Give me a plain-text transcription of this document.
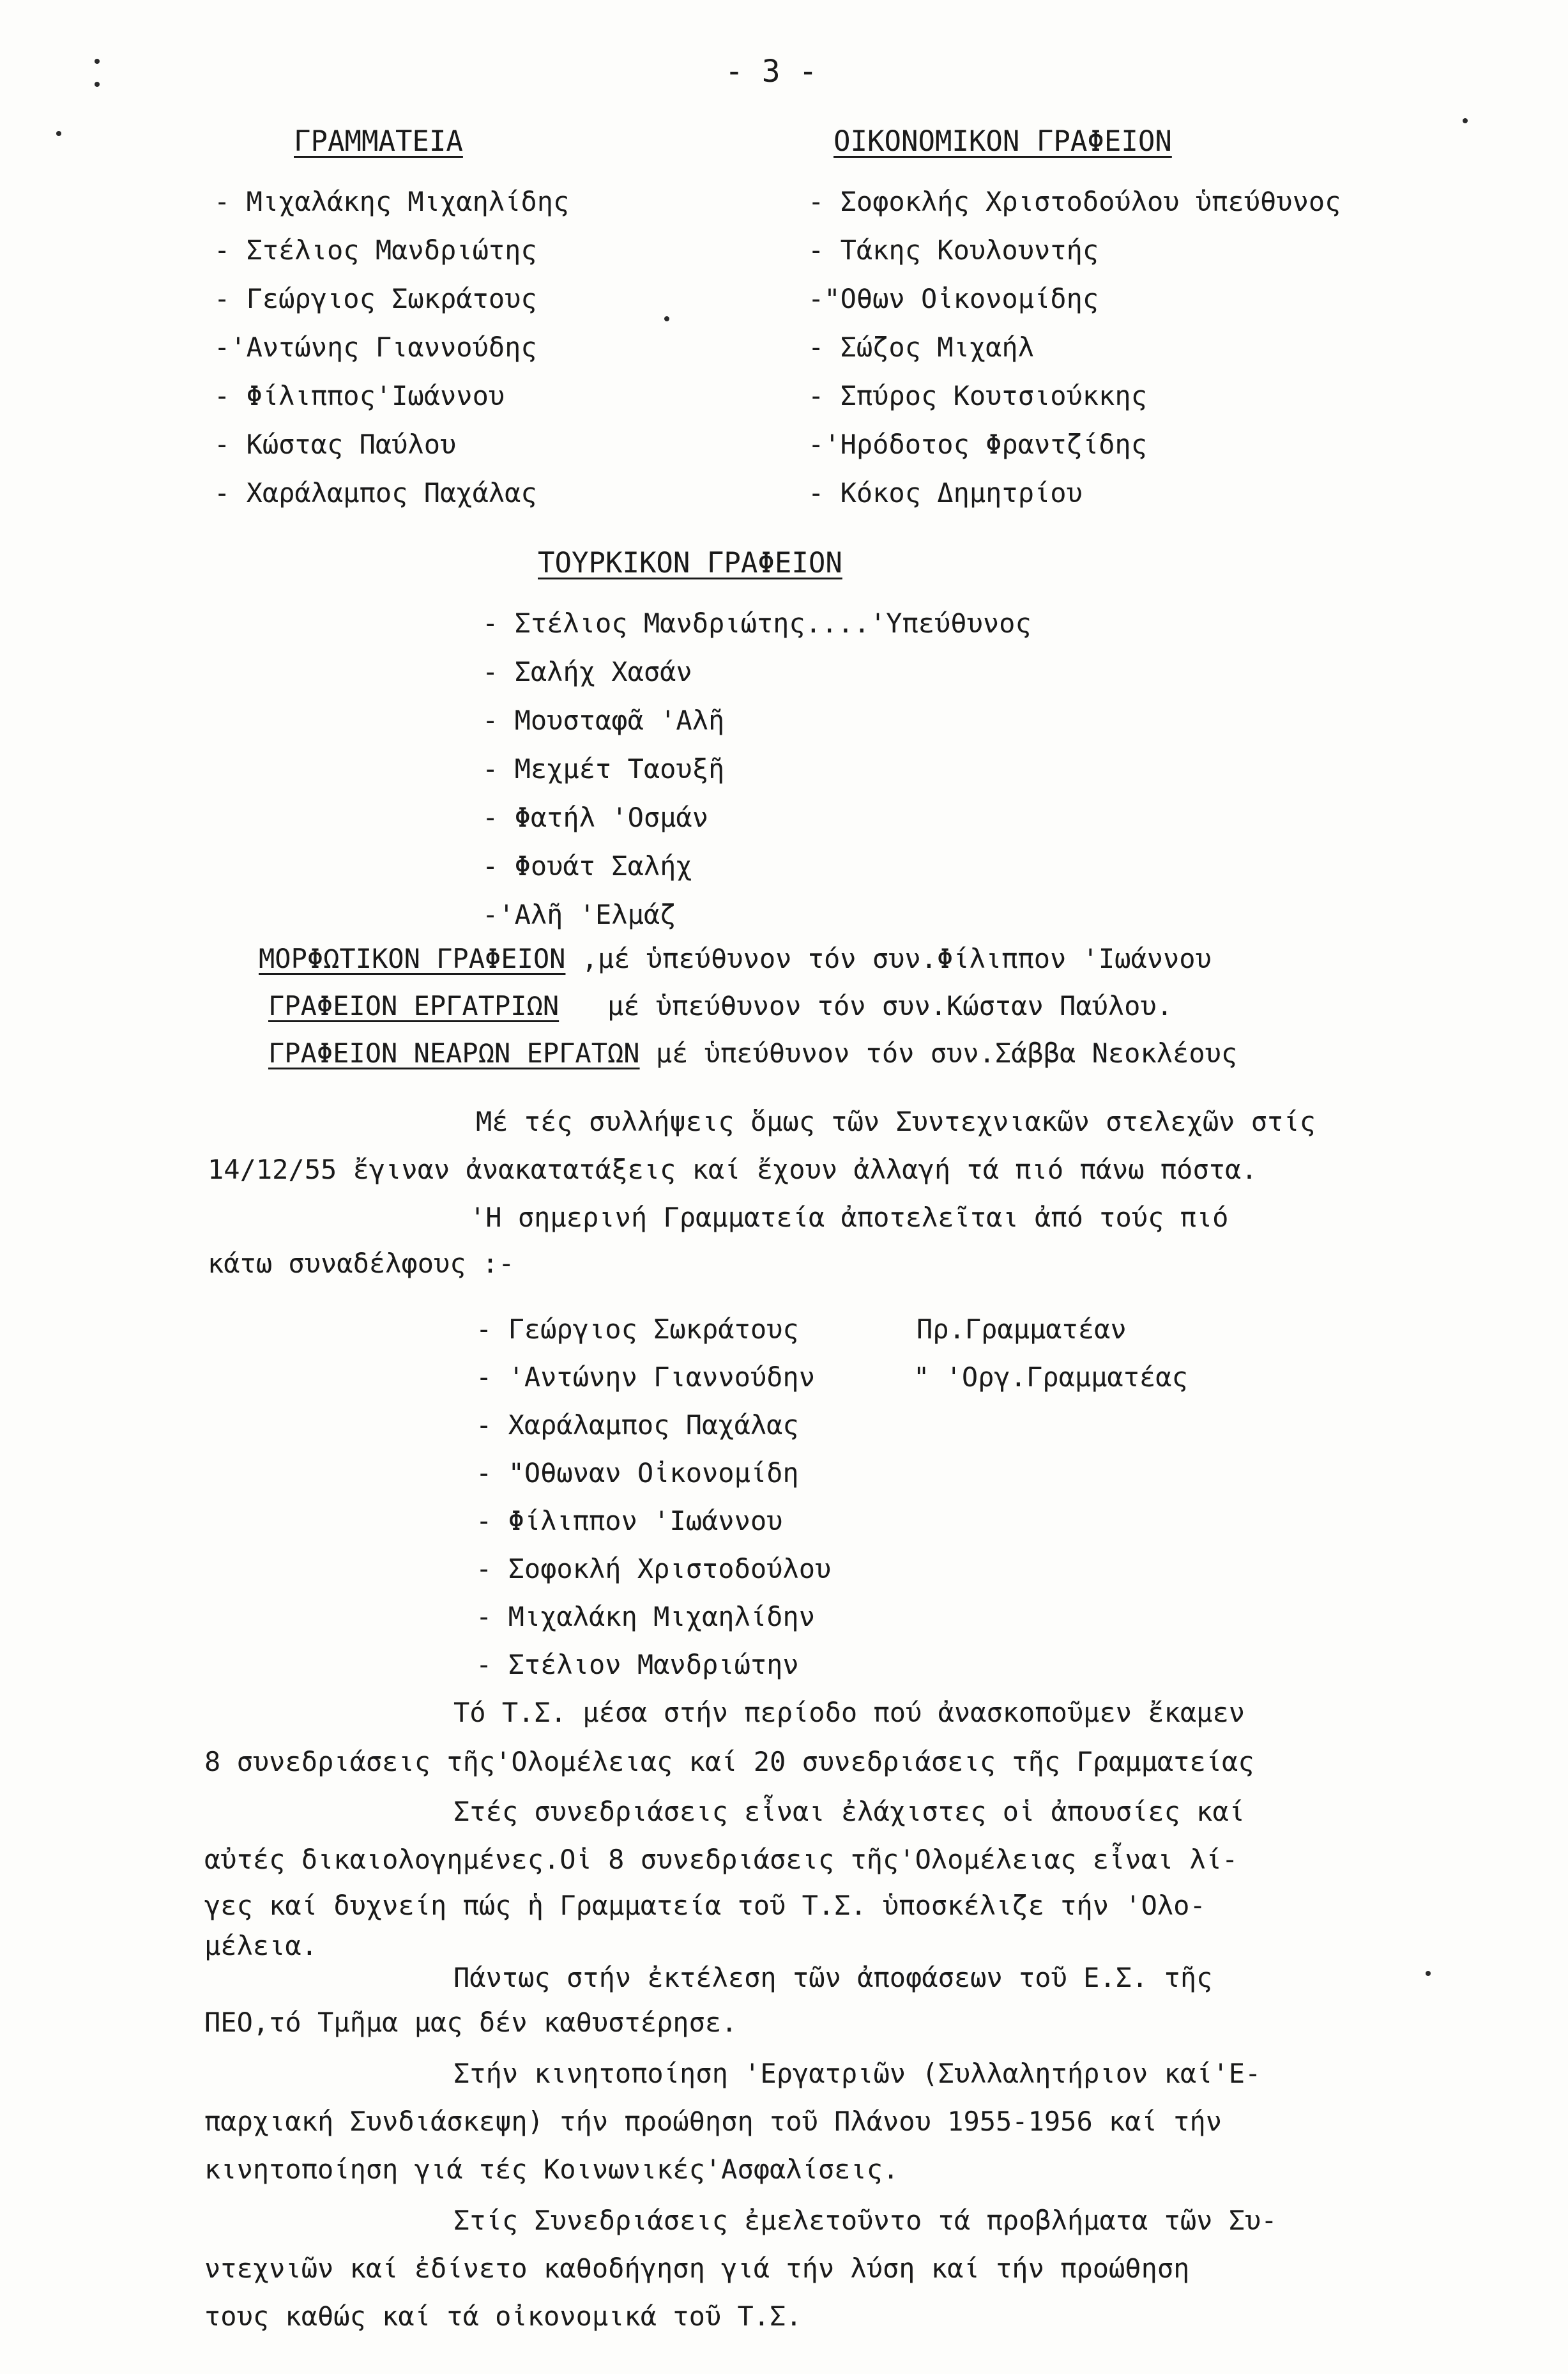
- 3 -
ΓΡΑΜΜΑΤΕΙΑ
- Μιχαλάκης Μιχαηλίδης
- Στέλιος Μανδριώτης
- Γεώργιος Σωκράτους
-'Αντώνης Γιαννούδης
- Φίλιππος'Ιωάννου
- Κώστας Παύλου
- Χαράλαμπος Παχάλας
ΟΙΚΟΝΟΜΙΚΟΝ ΓΡΑΦΕΙΟΝ
- Σοφοκλής Χριστοδούλου ὑπεύθυνος
- Τάκης Κουλουντής
-"Οθων Οἰκονομίδης
- Σώζος Μιχαήλ
- Σπύρος Κουτσιούκκης
-'Ηρόδοτος Φραντζίδης
- Κόκος Δημητρίου
ΤΟΥΡΚΙΚΟΝ ΓΡΑΦΕΙΟΝ
- Στέλιος Μανδριώτης....'Υπεύθυνος
- Σαλήχ Χασάν
- Μουσταφᾶ 'Αλῆ
- Μεχμέτ Ταουξῆ
- Φατήλ 'Οσμάν
- Φουάτ Σαλήχ
-'Αλῆ 'Ελμάζ
ΜΟΡΦΩΤΙΚΟΝ ΓΡΑΦΕΙΟΝ ,μέ ὑπεύθυνον τόν συν.Φίλιππον 'Ιωάννου
ΓΡΑΦΕΙΟΝ ΕΡΓΑΤΡΙΩΝ   μέ ὑπεύθυνον τόν συν.Κώσταν Παύλου.
ΓΡΑΦΕΙΟΝ ΝΕΑΡΩΝ ΕΡΓΑΤΩΝ μέ ὑπεύθυνον τόν συν.Σάββα Νεοκλέους
Μέ τές συλλήψεις ὅμως τῶν Συντεχνιακῶν στελεχῶν στίς
14/12/55 ἔγιναν ἀνακατατάξεις καί ἔχουν ἀλλαγή τά πιό πάνω πόστα.
'Η σημερινή Γραμματεία ἀποτελεῖται ἀπό τούς πιό
κάτω συναδέλφους :-
- Γεώργιος Σωκράτους	Πρ.Γραμματέαν
- 'Αντώνην Γιαννούδην	" 'Οργ.Γραμματέας
- Χαράλαμπος Παχάλας
- "Οθωναν Οἰκονομίδη
- Φίλιππον 'Ιωάννου
- Σοφοκλή Χριστοδούλου
- Μιχαλάκη Μιχαηλίδην
- Στέλιον Μανδριώτην
Τό Τ.Σ. μέσα στήν περίοδο πού ἀνασκοποῦμεν ἔκαμεν
8 συνεδριάσεις τῆς'Ολομέλειας καί 20 συνεδριάσεις τῆς Γραμματείας
Στές συνεδριάσεις εἶναι ἐλάχιστες οἱ ἀπουσίες καί
αὐτές δικαιολογημένες.Οἱ 8 συνεδριάσεις τῆς'Ολομέλειας εἶναι λί-
γες καί δυχνείη πώς ἡ Γραμματεία τοῦ Τ.Σ. ὑποσκέλιζε τήν 'Ολο-
μέλεια.
Πάντως στήν ἐκτέλεση τῶν ἀποφάσεων τοῦ Ε.Σ. τῆς
ΠΕΟ,τό Τμῆμα μας δέν καθυστέρησε.
Στήν κινητοποίηση 'Εργατριῶν (Συλλαλητήριον καί'Ε-
παρχιακή Συνδιάσκεψη) τήν προώθηση τοῦ Πλάνου 1955-1956 καί τήν
κινητοποίηση γιά τές Κοινωνικές'Ασφαλίσεις.
Στίς Συνεδριάσεις ἐμελετοῦντο τά προβλήματα τῶν Συ-
ντεχνιῶν καί ἐδίνετο καθοδήγηση γιά τήν λύση καί τήν προώθηση
τους καθώς καί τά οἰκονομικά τοῦ Τ.Σ.
